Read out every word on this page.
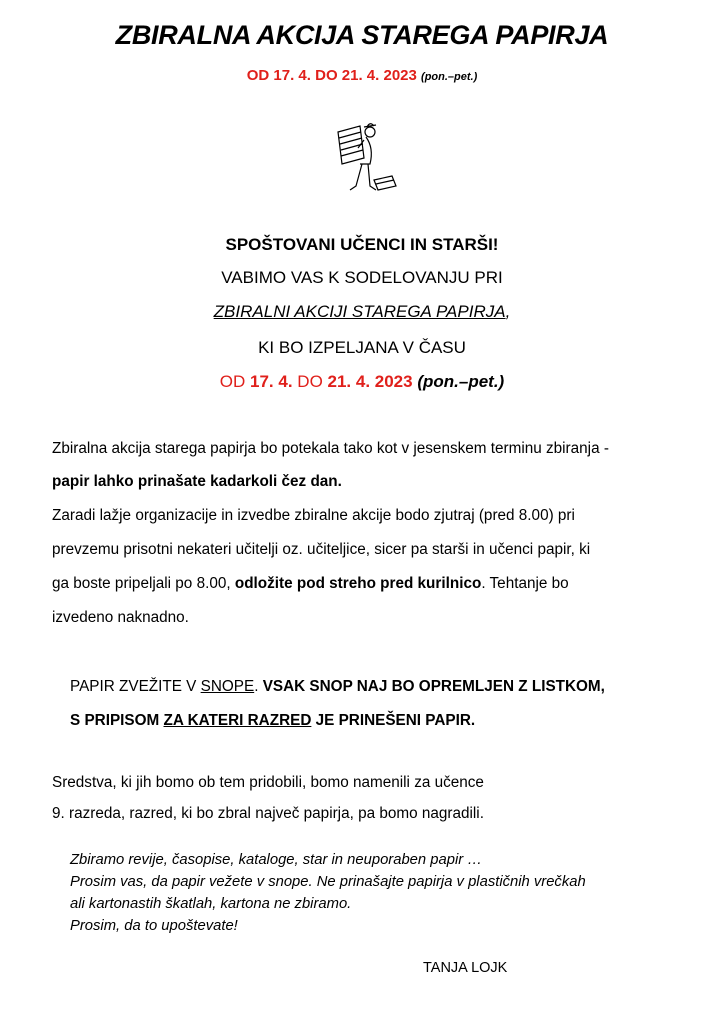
ZBIRALNA AKCIJA STAREGA PAPIRJA
OD 17. 4. DO 21. 4. 2023 (pon.–pet.)
SPOŠTOVANI UČENCI IN STARŠI!
VABIMO VAS K SODELOVANJU PRI
ZBIRALNI AKCIJI STAREGA PAPIRJA,
KI BO IZPELJANA V ČASU
OD 17. 4. DO 21. 4. 2023 (pon.–pet.)
Zbiralna akcija starega papirja bo potekala tako kot v jesenskem terminu zbiranja -
papir lahko prinašate kadarkoli čez dan.
Zaradi lažje organizacije in izvedbe zbiralne akcije bodo zjutraj (pred 8.00) pri
prevzemu prisotni nekateri učitelji oz. učiteljice, sicer pa starši in učenci papir, ki
ga boste pripeljali po 8.00, odložite pod streho pred kurilnico. Tehtanje bo
izvedeno naknadno.
PAPIR ZVEŽITE V SNOPE. VSAK SNOP NAJ BO OPREMLJEN Z LISTKOM,
S PRIPISOM ZA KATERI RAZRED JE PRINEŠENI PAPIR.
Sredstva, ki jih bomo ob tem pridobili, bomo namenili za učence
9. razreda, razred, ki bo zbral največ papirja, pa bomo nagradili.
Zbiramo revije, časopise, kataloge, star in neuporaben papir …
Prosim vas, da papir vežete v snope. Ne prinašajte papirja v plastičnih vrečkah
ali kartonastih škatlah, kartona ne zbiramo.
Prosim, da to upoštevate!
TANJA LOJK
